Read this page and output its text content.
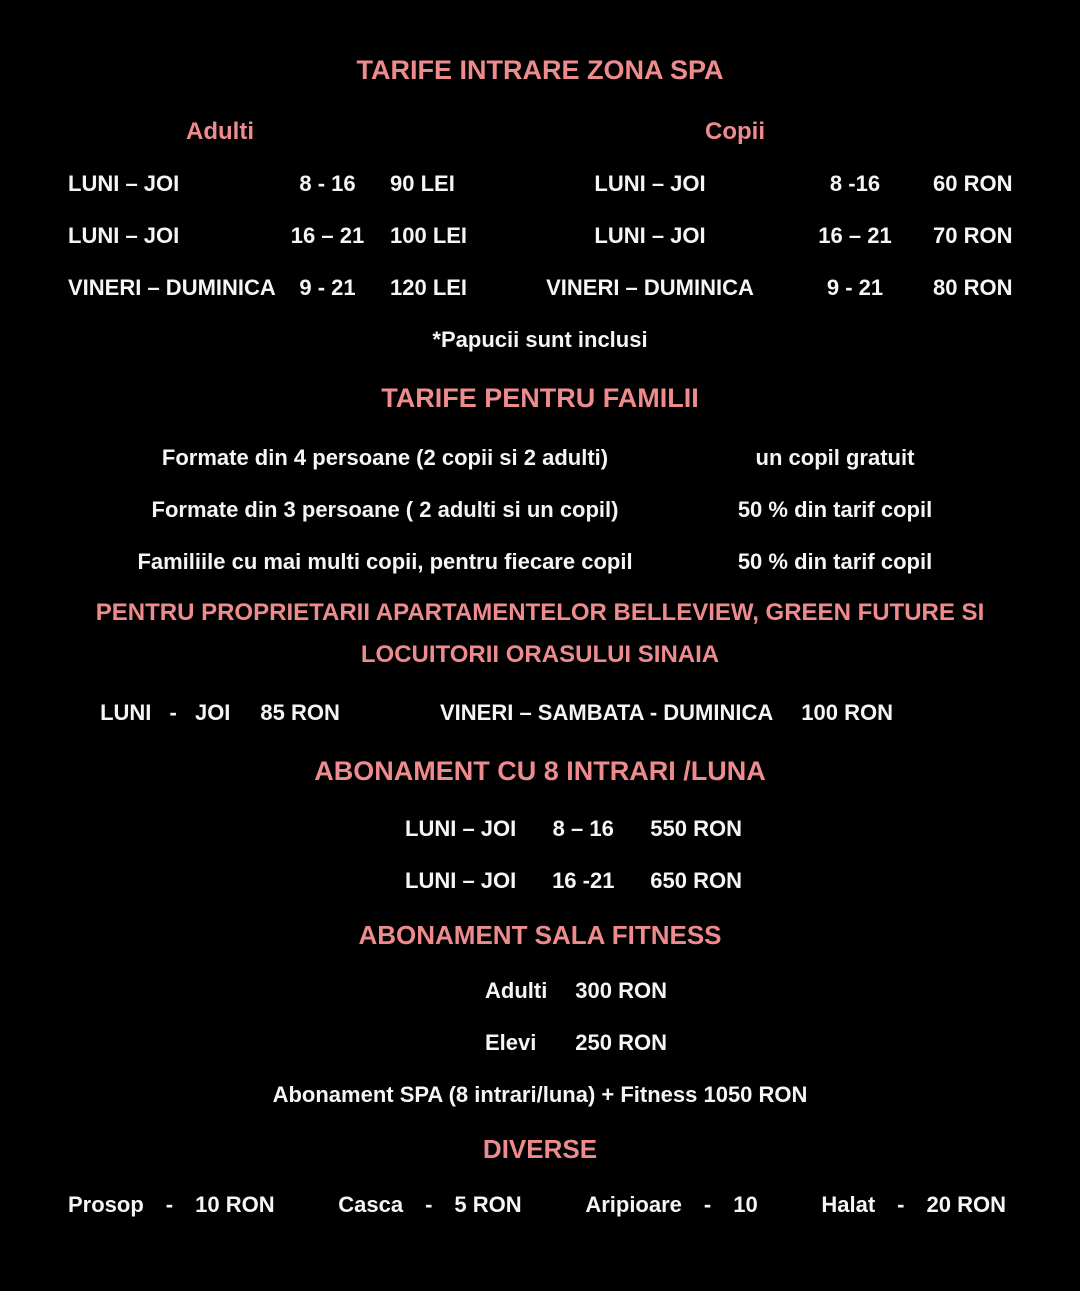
TARIFE INTRARE ZONA SPA
Adulti	Copii
LUNI – JOI	8 - 16	90 LEI	LUNI – JOI	8 -16	60 RON
LUNI – JOI	16 – 21	100 LEI	LUNI – JOI	16 – 21	70 RON
VINERI – DUMINICA	9 - 21	120 LEI	VINERI – DUMINICA	9 - 21	80 RON
*Papucii sunt inclusi
TARIFE PENTRU FAMILII
Formate din 4 persoane (2 copii si 2 adulti)	un copil gratuit
Formate din 3 persoane ( 2 adulti si un copil)	50 % din tarif copil
Familiile cu mai multi copii, pentru fiecare copil	50 % din tarif copil
PENTRU PROPRIETARII APARTAMENTELOR BELLEVIEW, GREEN FUTURE SI LOCUITORII ORASULUI SINAIA
LUNI - JOI 85 RON	VINERI – SAMBATA - DUMINICA 100 RON
ABONAMENT CU 8 INTRARI /LUNA
LUNI – JOI 8 – 16 550 RON
LUNI – JOI 16 -21 650 RON
ABONAMENT SALA FITNESS
Adulti 300 RON
Elevi 250 RON
Abonament SPA (8 intrari/luna) + Fitness 1050 RON
DIVERSE
Prosop - 10 RON	Casca - 5 RON	Aripioare - 10	Halat - 20 RON
